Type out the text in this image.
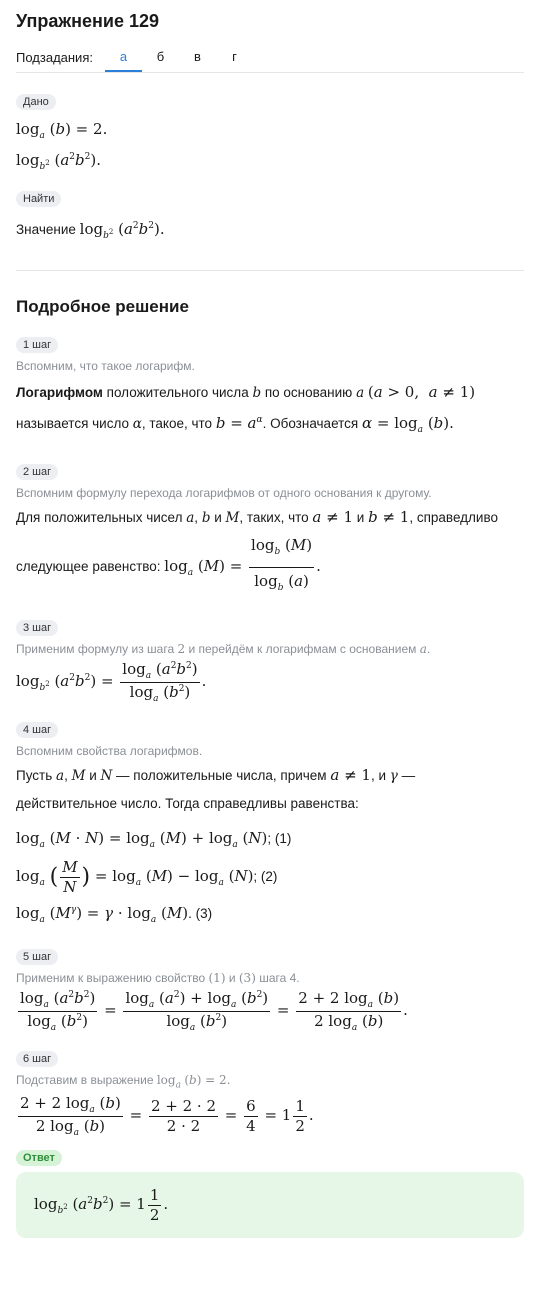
Упражнение 129
Подзадания:	а	б	в	г
Дано
$\log_a (b) = 2$.
$\log_{b^2} (a^2b^2)$.
Найти
Значение $\log_{b^2} (a^2b^2)$.
Подробное решение
1 шаг
Вспомним, что такое логарифм.
Логарифмом положительного числа b по основанию a (a > 0,  a ≠ 1)
называется число α, такое, что $b = a^\alpha$. Обозначается $\alpha = \log_a (b)$.
2 шаг
Вспомним формулу перехода логарифмов от одного основания к другому.
Для положительных чисел a, b и M, таких, что a ≠ 1 и b ≠ 1, справедливо
следующее равенство: $\log_a (M) = \frac{\log_b (M)}{\log_b (a)}$ .
3 шаг
Применим формулу из шага 2 и перейдём к логарифмам с основанием a.
$\log_{b^2} (a^2b^2) = \frac{\log_a (a^2b^2)}{\log_a (b^2)}$ .
4 шаг
Вспомним свойства логарифмов.
Пусть a, M и N — положительные числа, причем a ≠ 1, и γ —
действительное число. Тогда справедливы равенства:
$\log_a (M \cdot N) = \log_a (M) + \log_a (N)$; (1)
$\log_a$ ( $\frac{M}{N}$ ) = $\log_a (M) - \log_a (N)$; (2)
$\log_a (M^\gamma) = \gamma \cdot \log_a (M)$. (3)
5 шаг
Применим к выражению свойство (1) и (3) шага 4.
$\frac{\log_a (a^2b^2)}{\log_a (b^2)} = \frac{\log_a (a^2) + \log_a (b^2)}{\log_a (b^2)} = \frac{2 + 2 \log_a (b)}{2 \log_a (b)}$ .
6 шаг
Подставим в выражение $\log_a (b) = 2$.
$\frac{2 + 2 \log_a (b)}{2 \log_a (b)} = \frac{2 + 2 \cdot 2}{2 \cdot 2} = \frac{6}{4} = 1 \frac{1}{2}$ .
Ответ
$\log_{b^2} (a^2b^2) = 1 \frac{1}{2}$ .
